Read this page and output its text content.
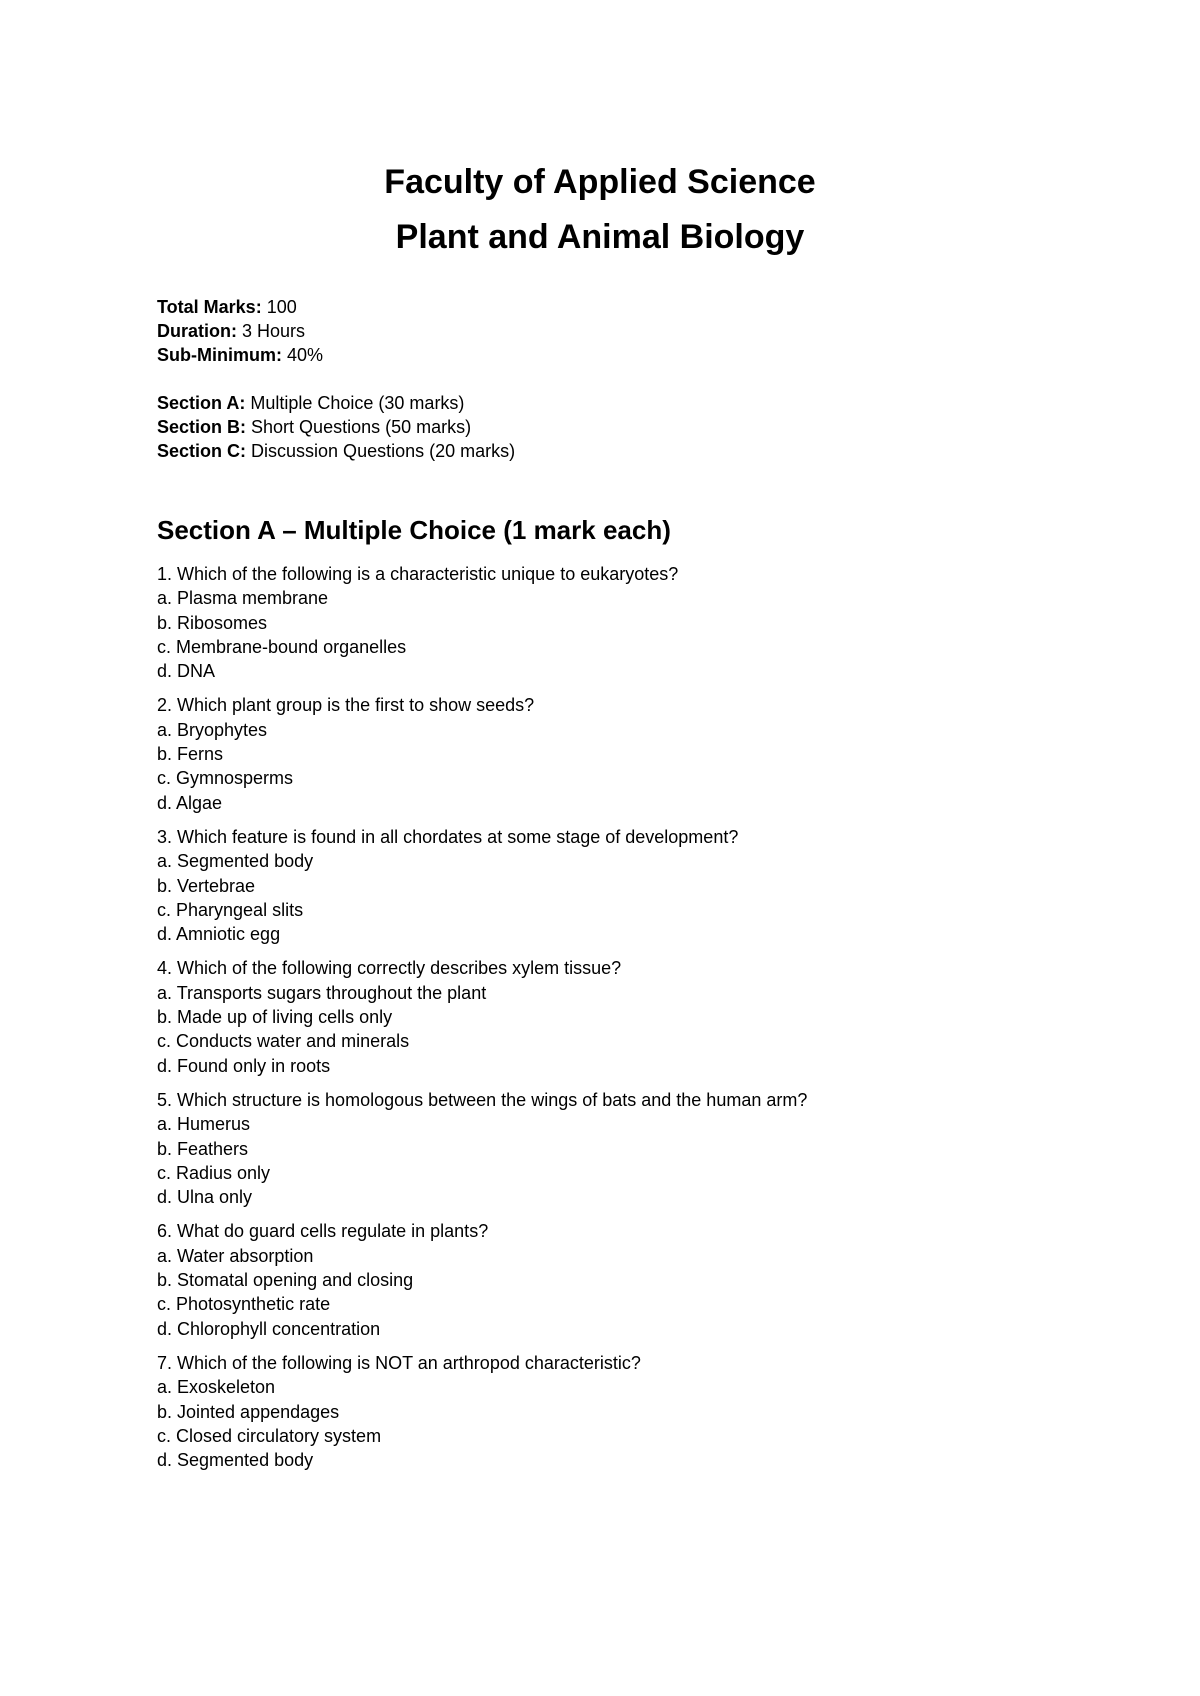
Faculty of Applied Science

Plant and Animal Biology

Total Marks: 100

Duration: 3 Hours

Sub-Minimum: 40%

Section A: Multiple Choice (30 marks)

Section B: Short Questions (50 marks)

Section C: Discussion Questions (20 marks)

Section A – Multiple Choice (1 mark each)

1. Which of the following is a characteristic unique to eukaryotes?

a. Plasma membrane

b. Ribosomes

c. Membrane-bound organelles

d. DNA

2. Which plant group is the first to show seeds?

a. Bryophytes

b. Ferns

c. Gymnosperms

d. Algae

3. Which feature is found in all chordates at some stage of development?

a. Segmented body

b. Vertebrae

c. Pharyngeal slits

d. Amniotic egg

4. Which of the following correctly describes xylem tissue?

a. Transports sugars throughout the plant

b. Made up of living cells only

c. Conducts water and minerals

d. Found only in roots

5. Which structure is homologous between the wings of bats and the human arm?

a. Humerus

b. Feathers

c. Radius only

d. Ulna only

6. What do guard cells regulate in plants?

a. Water absorption

b. Stomatal opening and closing

c. Photosynthetic rate

d. Chlorophyll concentration

7. Which of the following is NOT an arthropod characteristic?

a. Exoskeleton

b. Jointed appendages

c. Closed circulatory system

d. Segmented body
